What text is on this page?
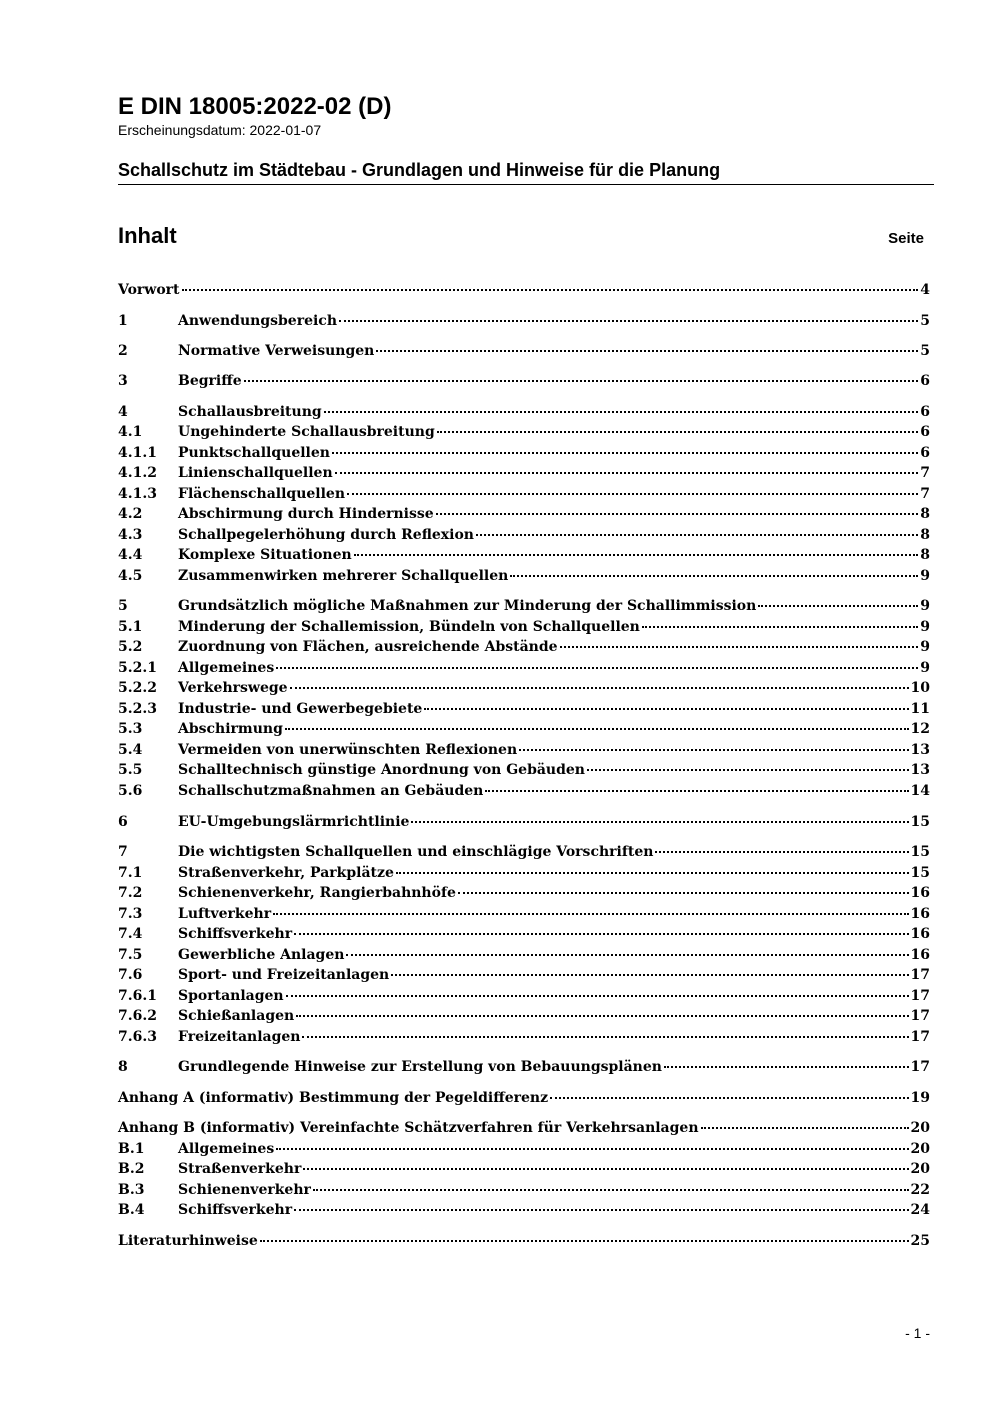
E DIN 18005:2022-02 (D)
Erscheinungsdatum: 2022-01-07
Schallschutz im Städtebau - Grundlagen und Hinweise für die Planung
Inhalt	Seite
Vorwort	4
1	Anwendungsbereich	5
2	Normative Verweisungen	5
3	Begriffe	6
4	Schallausbreitung	6
4.1	Ungehinderte Schallausbreitung	6
4.1.1 Punktschallquellen	6
4.1.2 Linienschallquellen	7
4.1.3 Flächenschallquellen	7
4.2	Abschirmung durch Hindernisse	8
4.3	Schallpegelerhöhung durch Reflexion	8
4.4	Komplexe Situationen	8
4.5	Zusammenwirken mehrerer Schallquellen	9
5	Grundsätzlich mögliche Maßnahmen zur Minderung der Schallimmission	9
5.1	Minderung der Schallemission, Bündeln von Schallquellen	9
5.2	Zuordnung von Flächen, ausreichende Abstände	9
5.2.1 Allgemeines	9
5.2.2 Verkehrswege	10
5.2.3 Industrie- und Gewerbegebiete	11
5.3	Abschirmung	12
5.4	Vermeiden von unerwünschten Reflexionen	13
5.5	Schalltechnisch günstige Anordnung von Gebäuden	13
5.6	Schallschutzmaßnahmen an Gebäuden	14
6	EU-Umgebungslärmrichtlinie	15
7	Die wichtigsten Schallquellen und einschlägige Vorschriften	15
7.1	Straßenverkehr, Parkplätze	15
7.2	Schienenverkehr, Rangierbahnhöfe	16
7.3	Luftverkehr	16
7.4	Schiffsverkehr	16
7.5	Gewerbliche Anlagen	16
7.6	Sport- und Freizeitanlagen	17
7.6.1 Sportanlagen	17
7.6.2 Schießanlagen	17
7.6.3 Freizeitanlagen	17
8	Grundlegende Hinweise zur Erstellung von Bebauungsplänen	17
Anhang A (informativ) Bestimmung der Pegeldifferenz	19
Anhang B (informativ) Vereinfachte Schätzverfahren für Verkehrsanlagen	20
B.1 Allgemeines	20
B.2 Straßenverkehr	20
B.3 Schienenverkehr	22
B.4 Schiffsverkehr	24
Literaturhinweise	25
- 1 -
